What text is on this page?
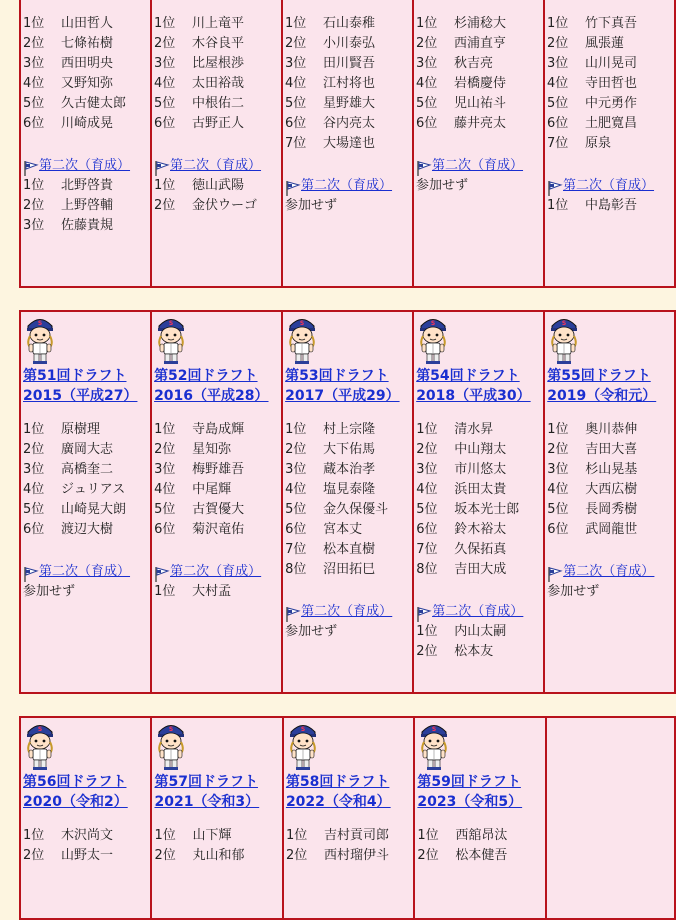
1位 山田哲人
2位 七條祐樹
3位 西田明央
4位 又野知弥
5位 久古健太郎
6位 川崎成晃
第二次（育成）
1位 北野啓貴
2位 上野啓輔
3位 佐藤貴規

1位 川上竜平
2位 木谷良平
3位 比屋根渉
4位 太田裕哉
5位 中根佑二
6位 古野正人
第二次（育成）
1位 徳山武陽
2位 金伏ウーゴ

1位 石山泰稚
2位 小川泰弘
3位 田川賢吾
4位 江村将也
5位 星野雄大
6位 谷内亮太
7位 大場達也
第二次（育成）
参加せず

1位 杉浦稔大
2位 西浦直亨
3位 秋吉亮
4位 岩橋慶侍
5位 児山祐斗
6位 藤井亮太
第二次（育成）
参加せず

1位 竹下真吾
2位 風張蓮
3位 山川晃司
4位 寺田哲也
5位 中元勇作
6位 土肥寛昌
7位 原泉
第二次（育成）
1位 中島彰吾
S
第51回ドラフト
2015（平成27）
1位 原樹理
2位 廣岡大志
3位 高橋奎二
4位 ジュリアス
5位 山崎晃大朗
6位 渡辺大樹
第二次（育成）
参加せず

S
第52回ドラフト
2016（平成28）
1位 寺島成輝
2位 星知弥
3位 梅野雄吾
4位 中尾輝
5位 古賀優大
6位 菊沢竜佑
第二次（育成）
1位 大村孟

S
第53回ドラフト
2017（平成29）
1位 村上宗隆
2位 大下佑馬
3位 蔵本治孝
4位 塩見泰隆
5位 金久保優斗
6位 宮本丈
7位 松本直樹
8位 沼田拓巳
第二次（育成）
参加せず

S
第54回ドラフト
2018（平成30）
1位 清水昇
2位 中山翔太
3位 市川悠太
4位 浜田太貴
5位 坂本光士郎
6位 鈴木裕太
7位 久保拓真
8位 吉田大成
第二次（育成）
1位 内山太嗣
2位 松本友

S
第55回ドラフト
2019（令和元）
1位 奥川恭伸
2位 吉田大喜
3位 杉山晃基
4位 大西広樹
5位 長岡秀樹
6位 武岡龍世
第二次（育成）
参加せず
S
第56回ドラフト
2020（令和2）
1位 木沢尚文
2位 山野太一

S
第57回ドラフト
2021（令和3）
1位 山下輝
2位 丸山和郁

S
第58回ドラフト
2022（令和4）
1位 吉村貢司郎
2位 西村瑠伊斗

S
第59回ドラフト
2023（令和5）
1位 西舘昂汰
2位 松本健吾
